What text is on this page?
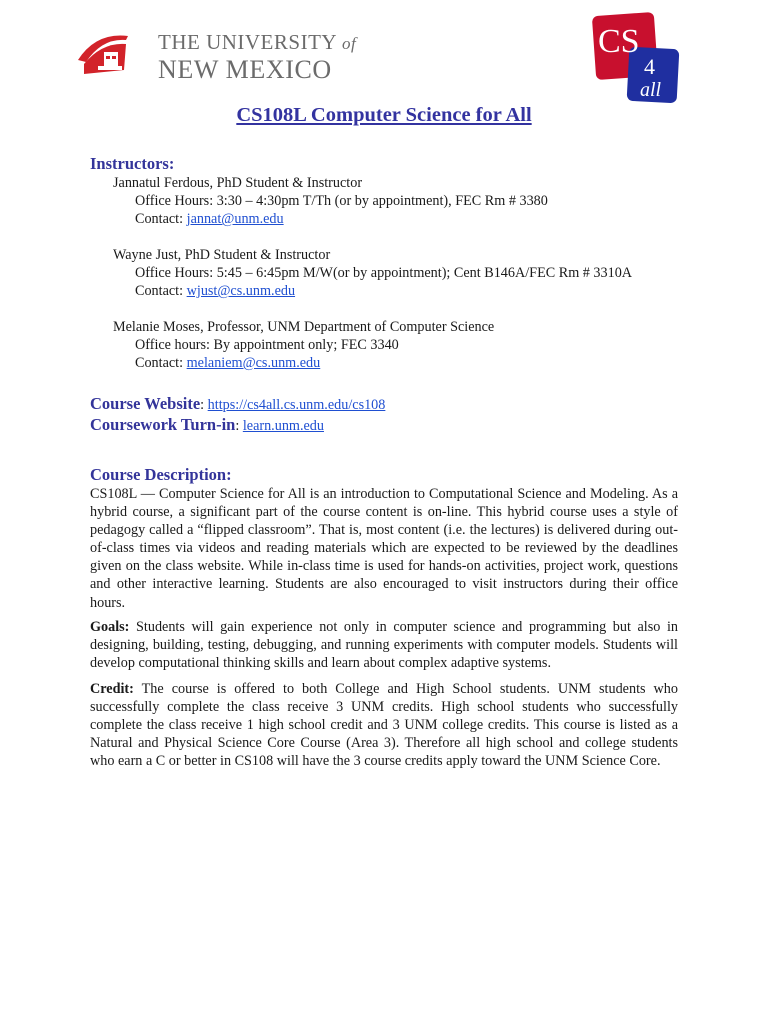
THE UNIVERSITY of
NEW MEXICO
CS
4
all
CS108L Computer Science for All
Instructors:
Jannatul Ferdous, PhD Student & Instructor
Office Hours: 3:30 – 4:30pm T/Th (or by appointment), FEC Rm # 3380
Contact: jannat@unm.edu
Wayne Just, PhD Student & Instructor
Office Hours: 5:45 – 6:45pm M/W(or by appointment); Cent B146A/FEC Rm # 3310A
Contact: wjust@cs.unm.edu
Melanie Moses, Professor, UNM Department of Computer Science
Office hours: By appointment only; FEC 3340
Contact: melaniem@cs.unm.edu
Course Website: https://cs4all.cs.unm.edu/cs108
Coursework Turn-in: learn.unm.edu
Course Description:
CS108L — Computer Science for All is an introduction to Computational Science and Modeling. As a hybrid course, a significant part of the course content is on-line. This hybrid course uses a style of pedagogy called a “flipped classroom”. That is, most content (i.e. the lectures) is delivered during out-of-class times via videos and reading materials which are expected to be reviewed by the deadlines given on the class website. While in-class time is used for hands-on activities, project work, questions and other interactive learning. Students are also encouraged to visit instructors during their office hours.
Goals: Students will gain experience not only in computer science and programming but also in designing, building, testing, debugging, and running experiments with computer models. Students will develop computational thinking skills and learn about complex adaptive systems.
Credit: The course is offered to both College and High School students. UNM students who successfully complete the class receive 3 UNM credits. High school students who successfully complete the class receive 1 high school credit and 3 UNM college credits. This course is listed as a Natural and Physical Science Core Course (Area 3). Therefore all high school and college students who earn a C or better in CS108 will have the 3 course credits apply toward the UNM Science Core.
